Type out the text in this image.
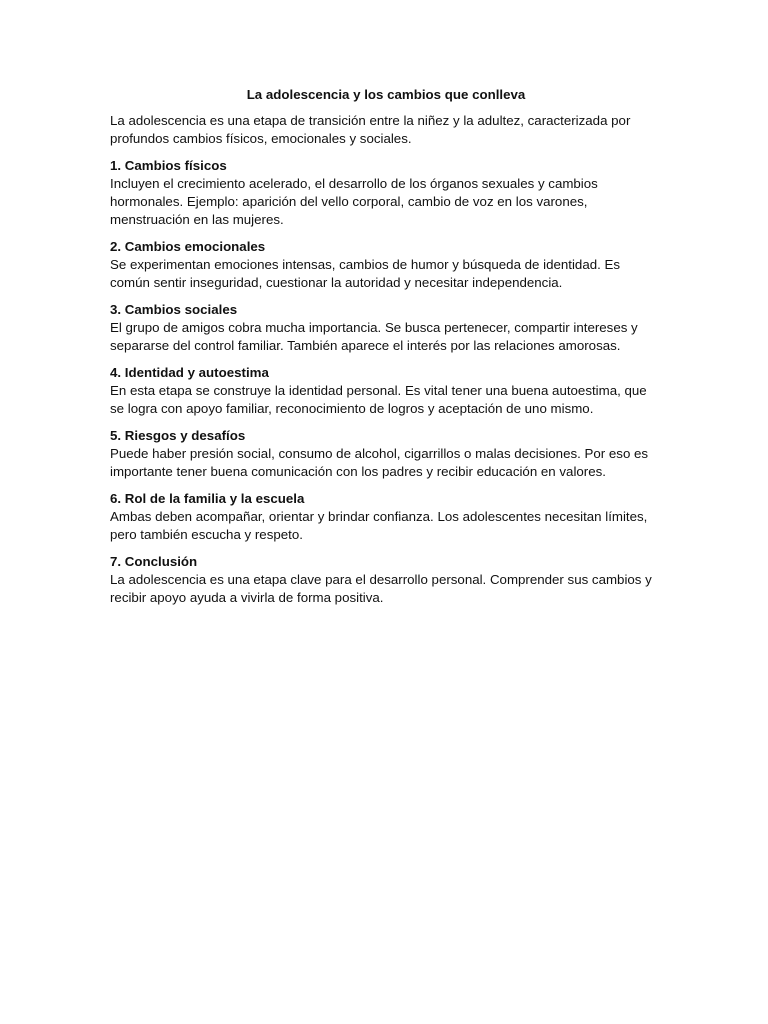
La adolescencia y los cambios que conlleva

La adolescencia es una etapa de transición entre la niñez y la adultez, caracterizada por profundos cambios físicos, emocionales y sociales.

1. Cambios físicos
Incluyen el crecimiento acelerado, el desarrollo de los órganos sexuales y cambios hormonales. Ejemplo: aparición del vello corporal, cambio de voz en los varones, menstruación en las mujeres.
2. Cambios emocionales
Se experimentan emociones intensas, cambios de humor y búsqueda de identidad. Es común sentir inseguridad, cuestionar la autoridad y necesitar independencia.
3. Cambios sociales
El grupo de amigos cobra mucha importancia. Se busca pertenecer, compartir intereses y separarse del control familiar. También aparece el interés por las relaciones amorosas.
4. Identidad y autoestima
En esta etapa se construye la identidad personal. Es vital tener una buena autoestima, que se logra con apoyo familiar, reconocimiento de logros y aceptación de uno mismo.
5. Riesgos y desafíos
Puede haber presión social, consumo de alcohol, cigarrillos o malas decisiones. Por eso es importante tener buena comunicación con los padres y recibir educación en valores.
6. Rol de la familia y la escuela
Ambas deben acompañar, orientar y brindar confianza. Los adolescentes necesitan límites, pero también escucha y respeto.
7. Conclusión
La adolescencia es una etapa clave para el desarrollo personal. Comprender sus cambios y recibir apoyo ayuda a vivirla de forma positiva.
